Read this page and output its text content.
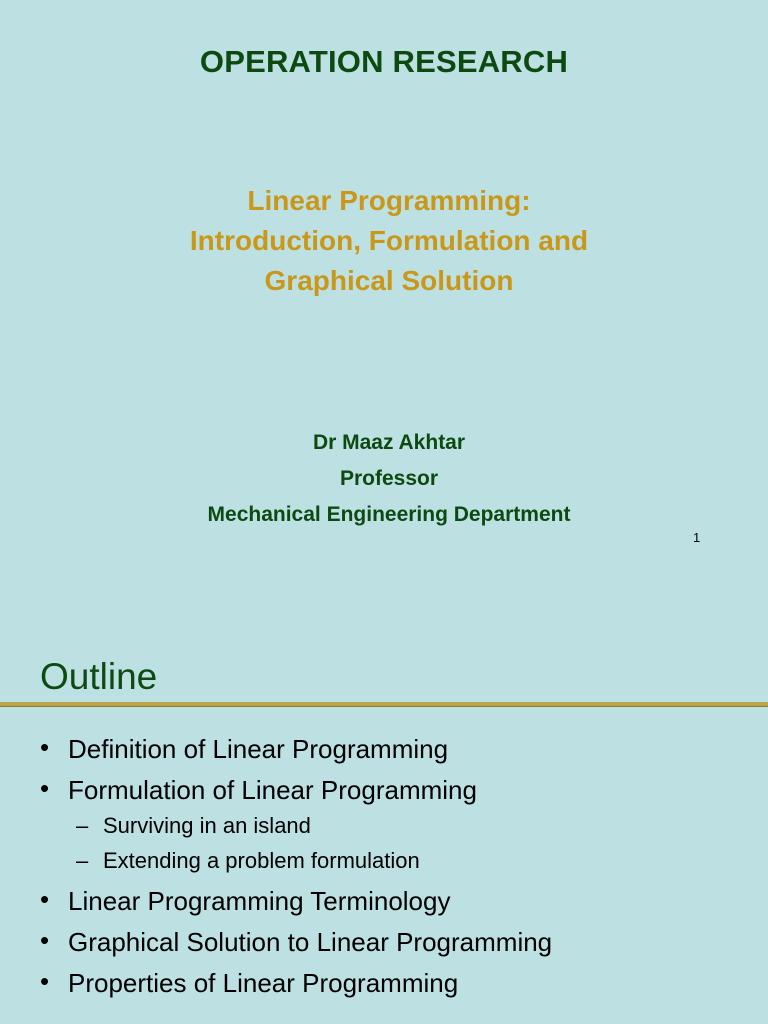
OPERATION RESEARCH
Linear Programming:
Introduction, Formulation and
Graphical Solution
Dr Maaz Akhtar
Professor
Mechanical Engineering Department
1
Outline
• Definition of Linear Programming
• Formulation of Linear Programming
– Surviving in an island
– Extending a problem formulation
• Linear Programming Terminology
• Graphical Solution to Linear Programming
• Properties of Linear Programming
